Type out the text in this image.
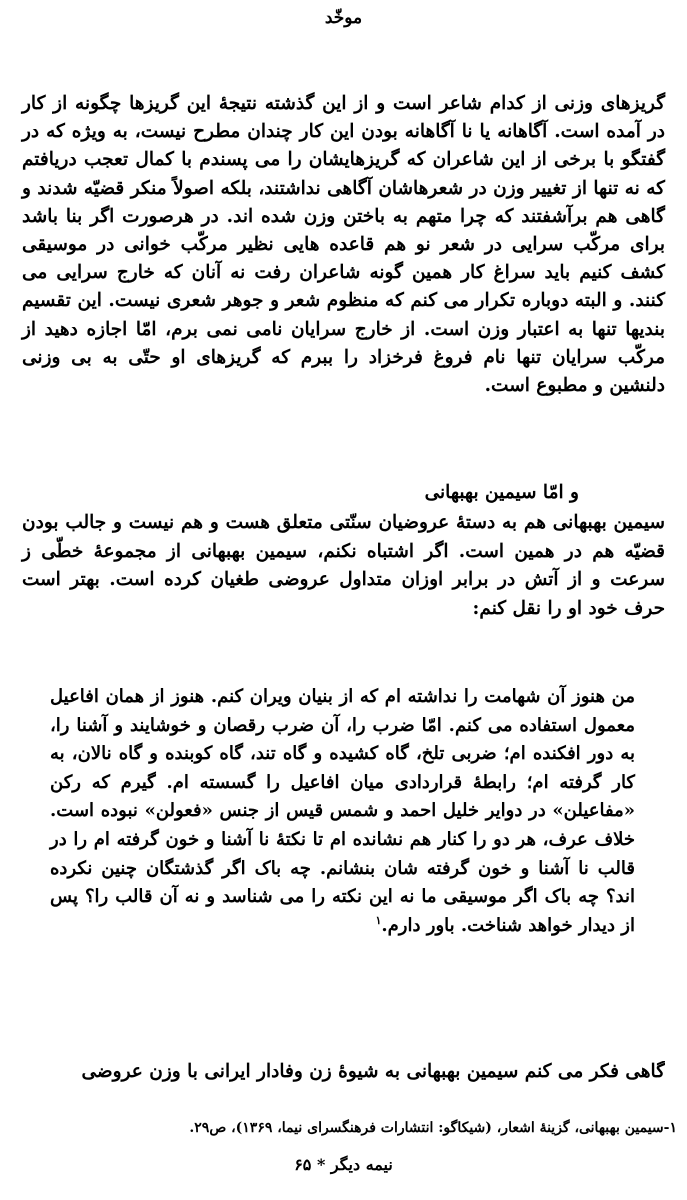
موخّد
گریزهای وزنی از کدام شاعر است و از این گذشته نتیجهٔ این گریزها چگونه از کار در آمده است. آگاهانه یا نا آگاهانه بودن این کار چندان مطرح نیست، به ویژه که در گفتگو با برخی از این شاعران که گریزهایشان را می پسندم با کمال تعجب دریافتم که نه تنها از تغییر وزن در شعرهاشان آگاهی نداشتند، بلکه اصولاً منکر قضیّه شدند و گاهی هم برآشفتند که چرا متهم به باختن وزن شده اند. در هرصورت اگر بنا باشد برای مرکّب سرایی در شعر نو هم قاعده هایی نظیر مرکّب خوانی در موسیقی کشف کنیم باید سراغ کار همین گونه شاعران رفت نه آنان که خارج سرایی می کنند. و البته دوباره تکرار می کنم که منظوم شعر و جوهر شعری نیست. این تقسیم بندیها تنها به اعتبار وزن است. از خارج سرایان نامی نمی برم، امّا اجازه دهید از مرکّب سرایان تنها نام فروغ فرخزاد را ببرم که گریزهای او حتّی به بی وزنی دلنشین و مطبوع است.
و امّا سیمین بهبهانی
سیمین بهبهانی هم به دستهٔ عروضیان سنّتی متعلق هست و هم نیست و جالب بودن قضیّه هم در همین است. اگر اشتباه نکنم، سیمین بهبهانی از مجموعهٔ خطّی ز سرعت و از آتش در برابر اوزان متداول عروضی طغیان کرده است. بهتر است حرف خود او را نقل کنم:
من هنوز آن شهامت را نداشته ام که از بنیان ویران کنم. هنوز از همان افاعیل معمول استفاده می کنم. امّا ضرب را، آن ضرب رقصان و خوشایند و آشنا را، به دور افکنده ام؛ ضربی تلخ، گاه کشیده و گاه تند، گاه کوبنده و گاه نالان، به کار گرفته ام؛ رابطهٔ قراردادی میان افاعیل را گسسته ام. گیرم که رکن «مفاعیلن» در دوایر خلیل احمد و شمس قیس از جنس «فعولن» نبوده است. خلاف عرف، هر دو را کنار هم نشانده ام تا نکتهٔ نا آشنا و خون گرفته ام را در قالب نا آشنا و خون گرفته شان بنشانم. چه باک اگر گذشتگان چنین نکرده اند؟ چه باک اگر موسیقی ما نه این نکته را می شناسد و نه آن قالب را؟ پس از دیدار خواهد شناخت. باور دارم.$^۱$
گاهی فکر می کنم سیمین بهبهانی به شیوهٔ زن وفادار ایرانی با وزن عروضی
۱-سیمین بهبهانی، گزینهٔ اشعار، (شیکاگو: انتشارات فرهنگسرای نیما، ۱۳۶۹)، ص۲۹.
نیمه دیگر * ۶۵
